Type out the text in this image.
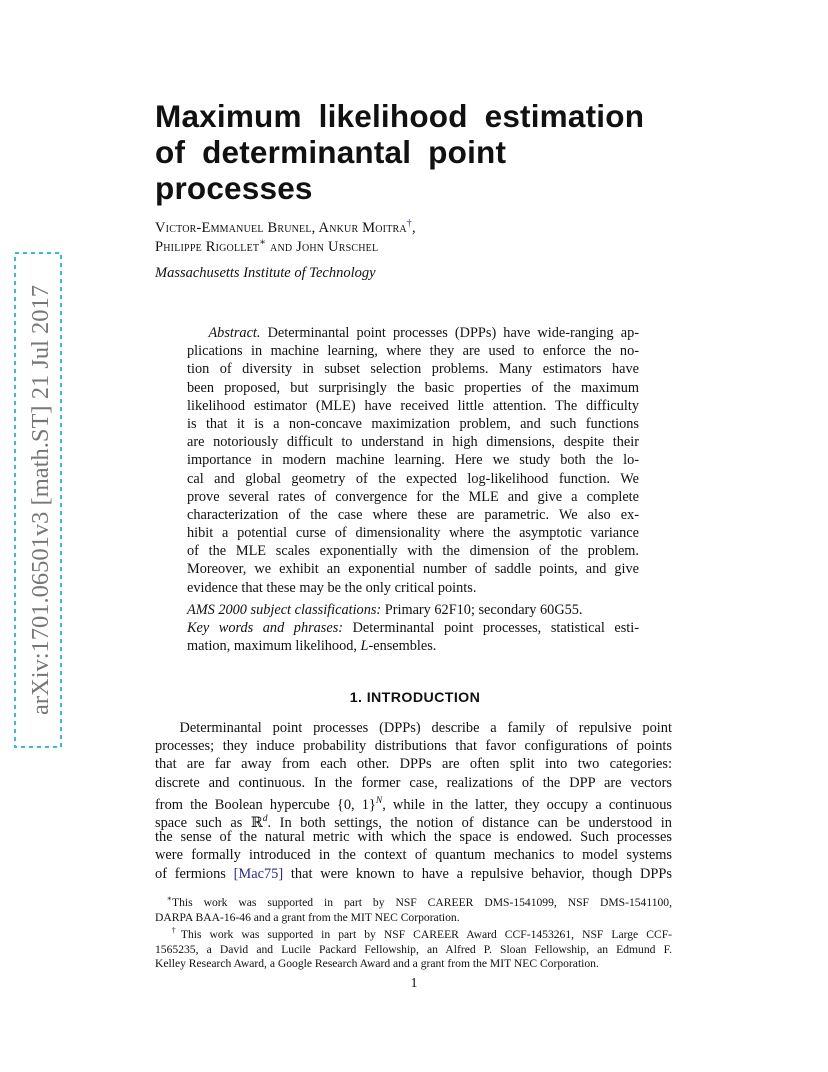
arXiv:1701.06501v3 [math.ST] 21 Jul 2017
Maximum likelihood estimation
of determinantal point
processes
Victor-Emmanuel Brunel, Ankur Moitra†,
Philippe Rigollet∗ and John Urschel
Massachusetts Institute of Technology
  Abstract. Determinantal point processes (DPPs) have wide-ranging ap-
plications in machine learning, where they are used to enforce the no-
tion of diversity in subset selection problems. Many estimators have
been proposed, but surprisingly the basic properties of the maximum
likelihood estimator (MLE) have received little attention. The difficulty
is that it is a non-concave maximization problem, and such functions
are notoriously difficult to understand in high dimensions, despite their
importance in modern machine learning. Here we study both the lo-
cal and global geometry of the expected log-likelihood function. We
prove several rates of convergence for the MLE and give a complete
characterization of the case where these are parametric. We also ex-
hibit a potential curse of dimensionality where the asymptotic variance
of the MLE scales exponentially with the dimension of the problem.
Moreover, we exhibit an exponential number of saddle points, and give
evidence that these may be the only critical points.
AMS 2000 subject classifications: Primary 62F10; secondary 60G55.
Key words and phrases: Determinantal point processes, statistical esti-
mation, maximum likelihood, L-ensembles.
1. INTRODUCTION
   Determinantal point processes (DPPs) describe a family of repulsive point
processes; they induce probability distributions that favor configurations of points
that are far away from each other. DPPs are often split into two categories:
discrete and continuous. In the former case, realizations of the DPP are vectors
from the Boolean hypercube {0, 1}$^N$, while in the latter, they occupy a continuous
space such as ℝ$^d$. In both settings, the notion of distance can be understood in
the sense of the natural metric with which the space is endowed. Such processes
were formally introduced in the context of quantum mechanics to model systems
of fermions [Mac75] that were known to have a repulsive behavior, though DPPs
 ∗This work was supported in part by NSF CAREER DMS-1541099, NSF DMS-1541100,
DARPA BAA-16-46 and a grant from the MIT NEC Corporation.
 †This work was supported in part by NSF CAREER Award CCF-1453261, NSF Large CCF-
1565235, a David and Lucile Packard Fellowship, an Alfred P. Sloan Fellowship, an Edmund F.
Kelley Research Award, a Google Research Award and a grant from the MIT NEC Corporation.
1
